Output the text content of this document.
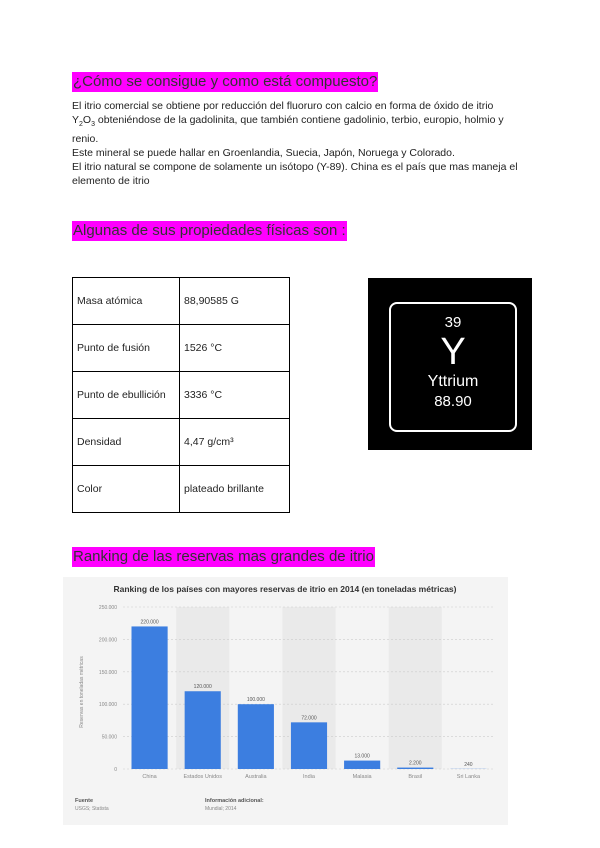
¿Cómo se consigue y como está compuesto?

El itrio comercial se obtiene por reducción del fluoruro con calcio en forma de óxido de itrio

$Y_2O_3$ obteniéndose de la gadolinita, que también contiene gadolinio, terbio, europio, holmio y renio.

Este mineral se puede hallar en Groenlandia, Suecia, Japón, Noruega y Colorado.

El itrio natural se compone de solamente un isótopo (Y-89). China es el país que mas maneja el elemento de itrio

Algunas de sus propiedades físicas son :
Masa atómica	88,90585 G
Punto de fusión	1526 °C
Punto de ebullición	3336 °C
Densidad	4,47 g/cm³
Color	plateado brillante
39
Y
Yttrium
88.90
Ranking de las reservas mas grandes de itrio
Ranking de los países con mayores reservas de itrio en 2014 (en toneladas métricas)
Reservas en toneladas métricas
0
50.000
100.000
150.000
200.000
250.000
220.000
China
120.000
Estados Unidos
100.000
Australia
72.000
India
13.000
Malasia
2.200
Brasil
240
Sri Lanka
Fuente
USGS; Statista
Información adicional:
Mundial; 2014
